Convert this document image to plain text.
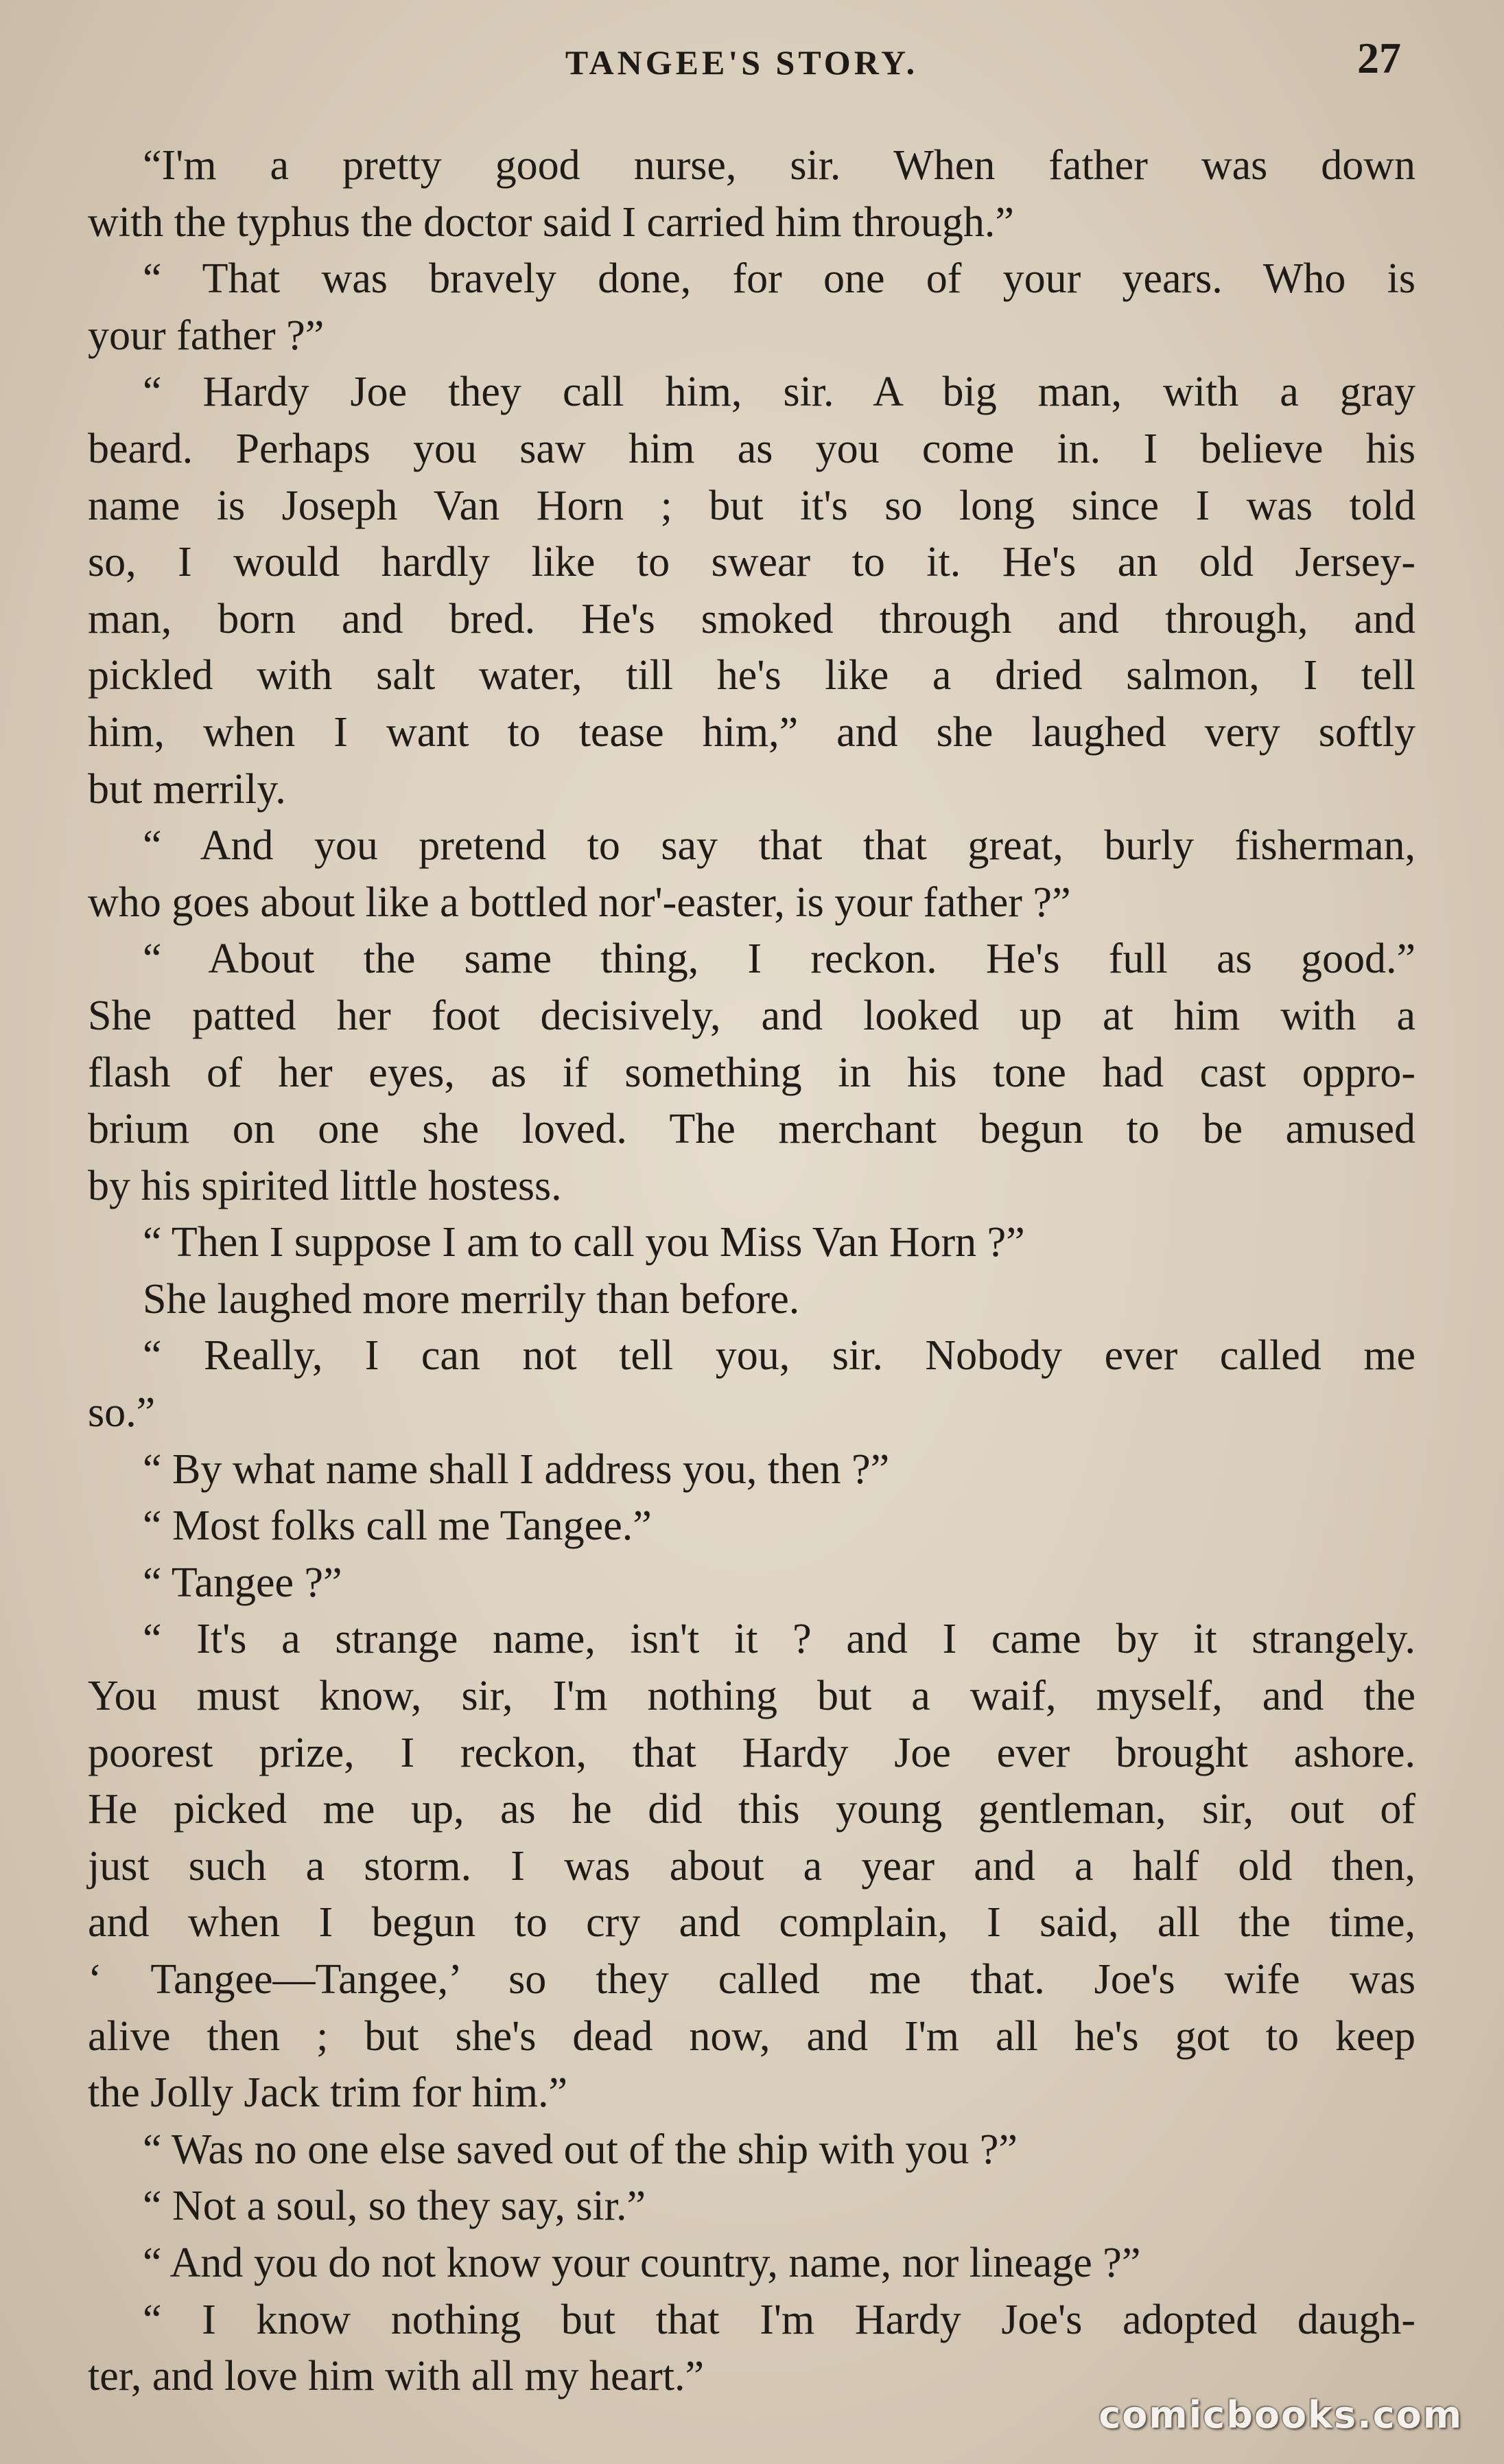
TANGEE'S STORY.	27
“I'm a pretty good nurse, sir. When father was down
with the typhus the doctor said I carried him through.”
“ That was bravely done, for one of your years. Who is
your father ?”
“ Hardy Joe they call him, sir. A big man, with a gray
beard. Perhaps you saw him as you come in. I believe his
name is Joseph Van Horn ; but it's so long since I was told
so, I would hardly like to swear to it. He's an old Jersey-
man, born and bred. He's smoked through and through, and
pickled with salt water, till he's like a dried salmon, I tell
him, when I want to tease him,” and she laughed very softly
but merrily.
“ And you pretend to say that that great, burly fisherman,
who goes about like a bottled nor'-easter, is your father ?”
“ About the same thing, I reckon. He's full as good.”
She patted her foot decisively, and looked up at him with a
flash of her eyes, as if something in his tone had cast oppro-
brium on one she loved. The merchant begun to be amused
by his spirited little hostess.
“ Then I suppose I am to call you Miss Van Horn ?”
She laughed more merrily than before.
“ Really, I can not tell you, sir. Nobody ever called me
so.”
“ By what name shall I address you, then ?”
“ Most folks call me Tangee.”
“ Tangee ?”
“ It's a strange name, isn't it ? and I came by it strangely.
You must know, sir, I'm nothing but a waif, myself, and the
poorest prize, I reckon, that Hardy Joe ever brought ashore.
He picked me up, as he did this young gentleman, sir, out of
just such a storm. I was about a year and a half old then,
and when I begun to cry and complain, I said, all the time,
‘ Tangee—Tangee,’ so they called me that. Joe's wife was
alive then ; but she's dead now, and I'm all he's got to keep
the Jolly Jack trim for him.”
“ Was no one else saved out of the ship with you ?”
“ Not a soul, so they say, sir.”
“ And you do not know your country, name, nor lineage ?”
“ I know nothing but that I'm Hardy Joe's adopted daugh-
ter, and love him with all my heart.”
comicbooks.com
